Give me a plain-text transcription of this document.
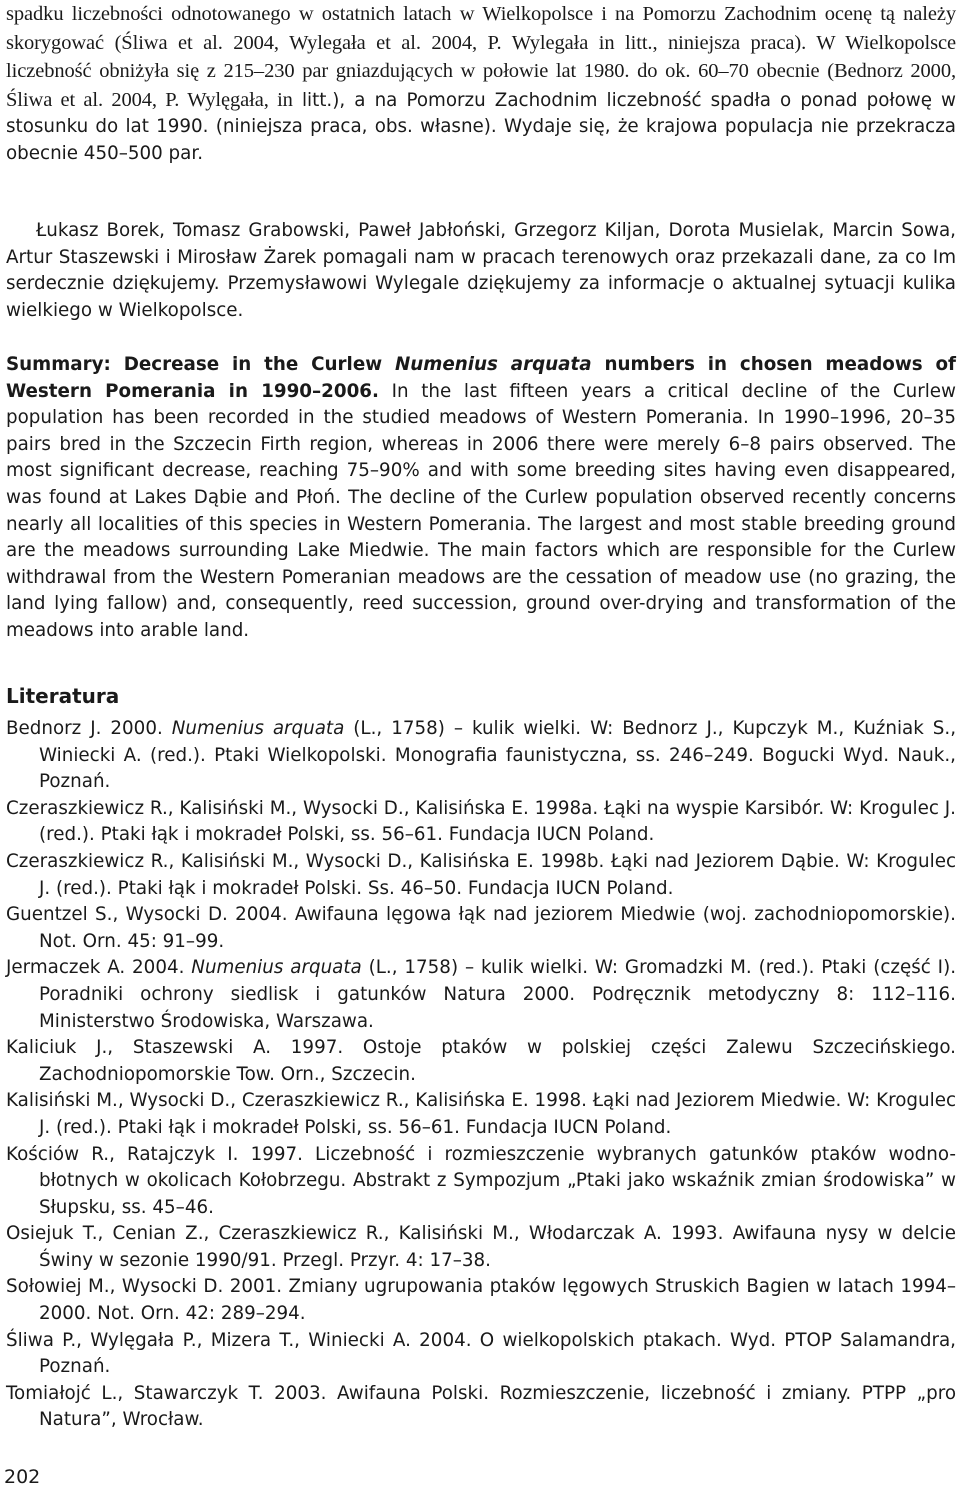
spadku liczebności odnotowanego w ostatnich latach w Wielkopolsce i na Pomorzu Zachodnim ocenę tą należy skorygować (Śliwa et al. 2004, Wylegała et al. 2004, P. Wylegała in litt., niniejsza praca). W Wielkopolsce liczebność obniżyła się z 215–230 par gniazdujących w połowie lat 1980. do ok. 60–70 obecnie (Bednorz 2000, Śliwa et al. 2004, P. Wylęgała, in litt.), a na Pomorzu Zachodnim liczebność spadła o ponad połowę w stosunku do lat 1990. (niniejsza praca, obs. własne). Wydaje się, że krajowa populacja nie przekracza obecnie 450–500 par.

Łukasz Borek, Tomasz Grabowski, Paweł Jabłoński, Grzegorz Kiljan, Dorota Musielak, Marcin Sowa, Artur Staszewski i Mirosław Żarek pomagali nam w pracach terenowych oraz przekazali dane, za co Im serdecznie dziękujemy. Przemysławowi Wylegale dziękujemy za informacje o aktualnej sytuacji kulika wielkiego w Wielkopolsce.

Summary: Decrease in the Curlew Numenius arquata numbers in chosen meadows of Western Pomerania in 1990–2006. In the last fifteen years a critical decline of the Curlew population has been recorded in the studied meadows of Western Pomerania. In 1990–1996, 20–35 pairs bred in the Szczecin Firth region, whereas in 2006 there were merely 6–8 pairs observed. The most significant decrease, reaching 75–90% and with some breeding sites having even disappeared, was found at Lakes Dąbie and Płoń. The decline of the Curlew population observed recently concerns nearly all localities of this species in Western Pomerania. The largest and most stable breeding ground are the meadows surrounding Lake Miedwie. The main factors which are responsible for the Curlew withdrawal from the Western Pomeranian meadows are the cessation of meadow use (no grazing, the land lying fallow) and, consequently, reed succession, ground over-drying and transformation of the meadows into arable land.

Literatura

Bednorz J. 2000. Numenius arquata (L., 1758) – kulik wielki. W: Bednorz J., Kupczyk M., Kuźniak S., Winiecki A. (red.). Ptaki Wielkopolski. Monografia faunistyczna, ss. 246–249. Bogucki Wyd. Nauk., Poznań.

Czeraszkiewicz R., Kalisiński M., Wysocki D., Kalisińska E. 1998a. Łąki na wyspie Karsibór. W: Krogulec J. (red.). Ptaki łąk i mokradeł Polski, ss. 56–61. Fundacja IUCN Poland.

Czeraszkiewicz R., Kalisiński M., Wysocki D., Kalisińska E. 1998b. Łąki nad Jeziorem Dąbie. W: Krogulec J. (red.). Ptaki łąk i mokradeł Polski. Ss. 46–50. Fundacja IUCN Poland.

Guentzel S., Wysocki D. 2004. Awifauna lęgowa łąk nad jeziorem Miedwie (woj. zachodniopomorskie). Not. Orn. 45: 91–99.

Jermaczek A. 2004. Numenius arquata (L., 1758) – kulik wielki. W: Gromadzki M. (red.). Ptaki (część I). Poradniki ochrony siedlisk i gatunków Natura 2000. Podręcznik metodyczny 8: 112–116. Ministerstwo Środowiska, Warszawa.

Kaliciuk J., Staszewski A. 1997. Ostoje ptaków w polskiej części Zalewu Szczecińskiego. Zachodniopomorskie Tow. Orn., Szczecin.

Kalisiński M., Wysocki D., Czeraszkiewicz R., Kalisińska E. 1998. Łąki nad Jeziorem Miedwie. W: Krogulec J. (red.). Ptaki łąk i mokradeł Polski, ss. 56–61. Fundacja IUCN Poland.

Kościów R., Ratajczyk I. 1997. Liczebność i rozmieszczenie wybranych gatunków ptaków wodno-błotnych w okolicach Kołobrzegu. Abstrakt z Sympozjum „Ptaki jako wskaźnik zmian środowiska” w Słupsku, ss. 45–46.

Osiejuk T., Cenian Z., Czeraszkiewicz R., Kalisiński M., Włodarczak A. 1993. Awifauna nysy w delcie Świny w sezonie 1990/91. Przegl. Przyr. 4: 17–38.

Sołowiej M., Wysocki D. 2001. Zmiany ugrupowania ptaków lęgowych Struskich Bagien w latach 1994–2000. Not. Orn. 42: 289–294.

Śliwa P., Wylęgała P., Mizera T., Winiecki A. 2004. O wielkopolskich ptakach. Wyd. PTOP Salamandra, Poznań.

Tomiałojć L., Stawarczyk T. 2003. Awifauna Polski. Rozmieszczenie, liczebność i zmiany. PTPP „pro Natura”, Wrocław.

202
